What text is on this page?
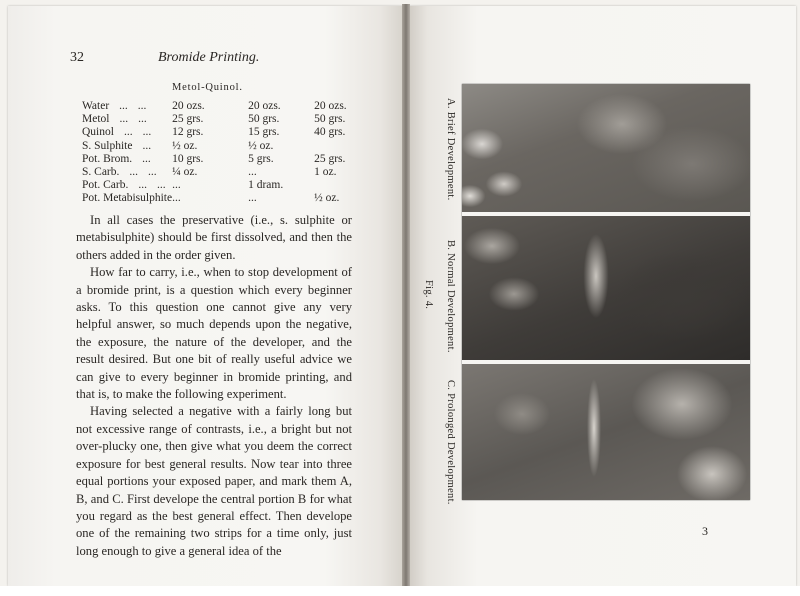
32	Bromide Printing.
Metol-Quinol.
Water ... ...	20 ozs.	20 ozs.	20 ozs.
Metol ... ...	25 grs.	50 grs.	50 grs.
Quinol ... ...	12 grs.	15 grs.	40 grs.
S. Sulphite ...	½ oz.	½ oz.	
Pot. Brom. ...	10 grs.	5 grs.	25 grs.
S. Carb. ... ...	¼ oz.	...	1 oz.
Pot. Carb. ... ...	...	1 dram.	
Pot. Metabisulphite	...	...	½ oz.

In all cases the preservative (i.e., s. sulphite or metabisulphite) should be first dissolved, and then the others added in the order given.

How far to carry, i.e., when to stop development of a bromide print, is a question which every beginner asks. To this question one cannot give any very helpful answer, so much depends upon the negative, the exposure, the nature of the developer, and the result desired. But one bit of really useful advice we can give to every beginner in bromide printing, and that is, to make the following experiment.

Having selected a negative with a fairly long but not excessive range of contrasts, i.e., a bright but not over-plucky one, then give what you deem the correct exposure for best general results. Now tear into three equal portions your exposed paper, and mark them A, B, and C. First develope the central portion B for what you regard as the best general effect. Then develope one of the remaining two strips for a time only, just long enough to give a general idea of the

A. Brief Development.
B. Normal Development.
Fig. 4.
C. Prolonged Development.
3
